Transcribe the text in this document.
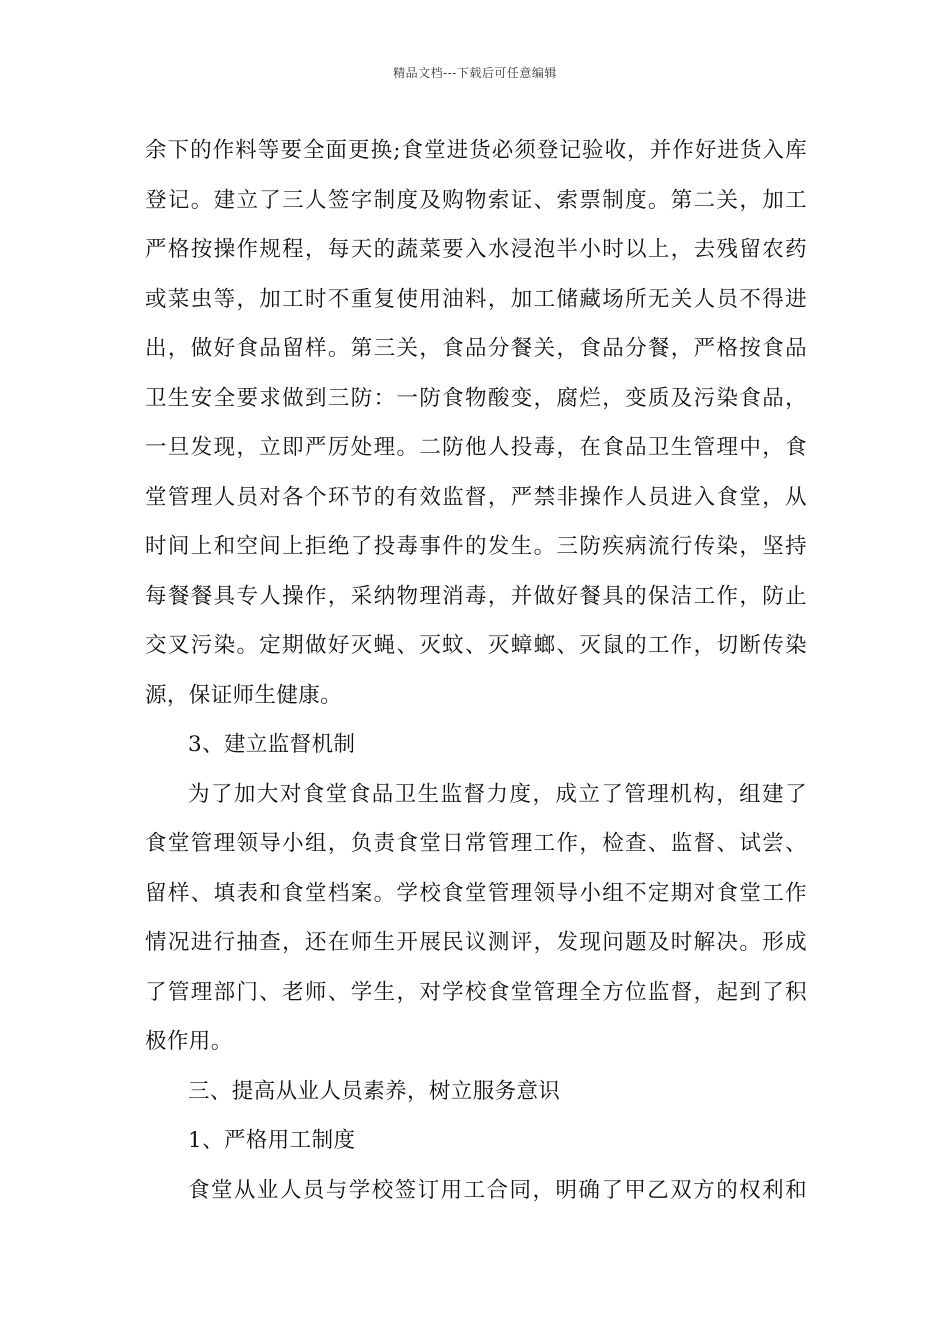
精品文档---下载后可任意编辑
余下的作料等要全面更换;食堂进货必须登记验收，并作好进货入库
登记。建立了三人签字制度及购物索证、索票制度。第二关，加工
严格按操作规程，每天的蔬菜要入水浸泡半小时以上，去残留农药
或菜虫等，加工时不重复使用油料，加工储藏场所无关人员不得进
出，做好食品留样。第三关，食品分餐关，食品分餐，严格按食品
卫生安全要求做到三防：一防食物酸变，腐烂，变质及污染食品，
一旦发现，立即严厉处理。二防他人投毒，在食品卫生管理中，食
堂管理人员对各个环节的有效监督，严禁非操作人员进入食堂，从
时间上和空间上拒绝了投毒事件的发生。三防疾病流行传染，坚持
每餐餐具专人操作，采纳物理消毒，并做好餐具的保洁工作，防止
交叉污染。定期做好灭蝇、灭蚊、灭蟑螂、灭鼠的工作，切断传染
源，保证师生健康。
3、建立监督机制
为了加大对食堂食品卫生监督力度，成立了管理机构，组建了
食堂管理领导小组，负责食堂日常管理工作，检查、监督、试尝、
留样、填表和食堂档案。学校食堂管理领导小组不定期对食堂工作
情况进行抽查，还在师生开展民议测评，发现问题及时解决。形成
了管理部门、老师、学生，对学校食堂管理全方位监督，起到了积
极作用。
三、提高从业人员素养，树立服务意识
1、严格用工制度
食堂从业人员与学校签订用工合同，明确了甲乙双方的权利和
